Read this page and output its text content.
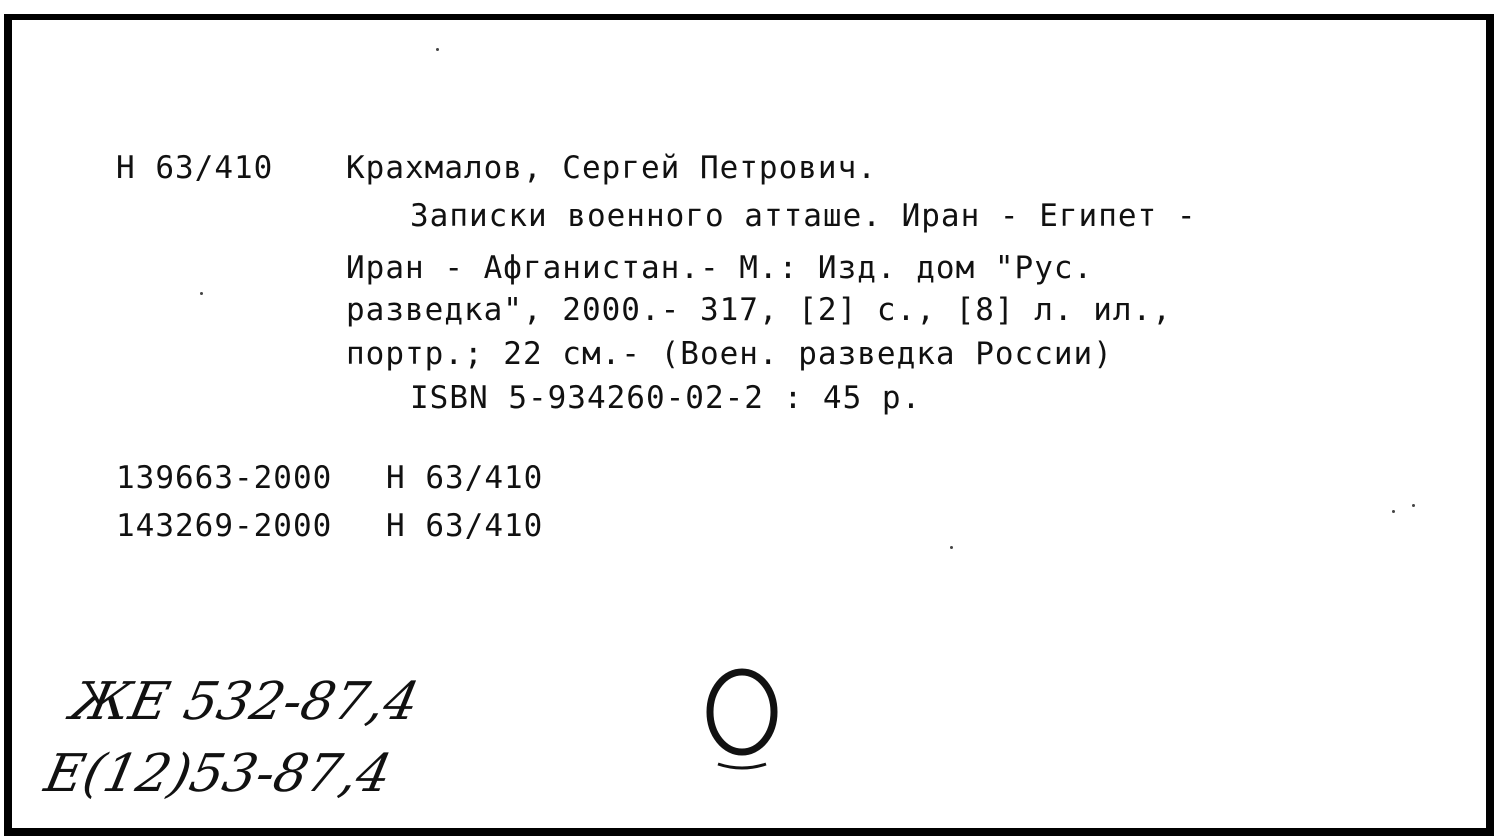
Н 63/410 Крахмалов, Сергей Петрович.
Записки военного атташе. Иран - Египет -
Иран - Афганистан.- М.: Изд. дом "Рус.
разведка", 2000.- 317, [2] с., [8] л. ил.,
портр.; 22 см.- (Воен. разведка России)
ISBN 5-934260-02-2 : 45 р.
139663-2000 Н 63/410
143269-2000 Н 63/410
ЖЕ 532-87,4
Е(12)53-87,4
